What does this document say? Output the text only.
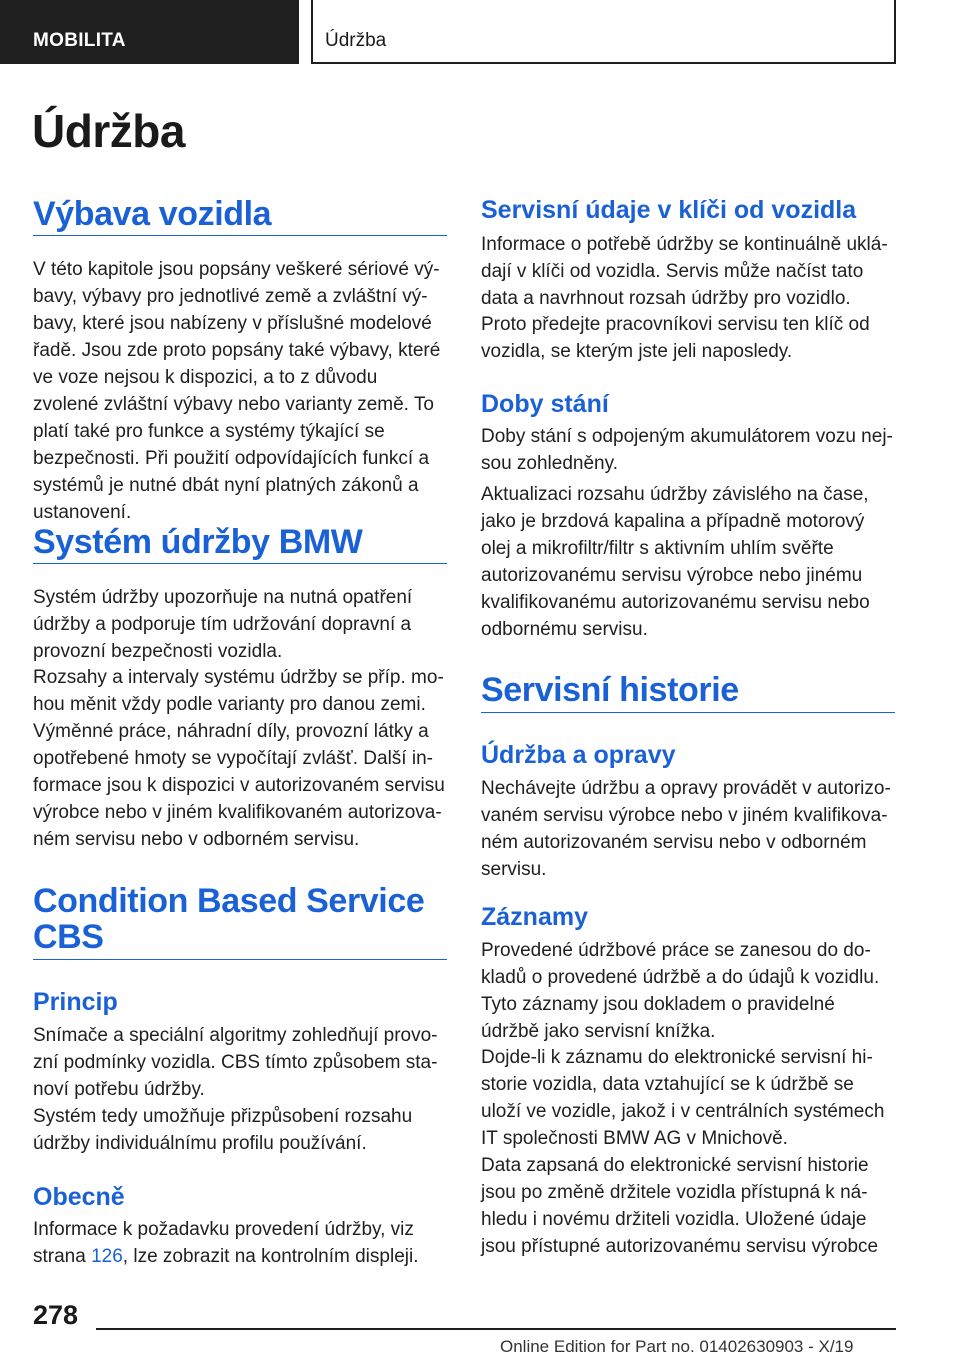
MOBILITA	Údržba
Údržba
Výbava vozidla

V této kapitole jsou popsány veškeré sériové výbavy, výbavy pro jednotlivé země a zvláštní výbavy, které jsou nabízeny v příslušné modelové řadě. Jsou zde proto popsány také výbavy, které ve voze nejsou k dispozici, a to z důvodu zvolené zvláštní výbavy nebo varianty země. To platí také pro funkce a systémy týkající se bezpečnosti. Při použití odpovídajících funkcí a systémů je nutné dbát nyní platných zákonů a ustanovení.

Systém údržby BMW

Systém údržby upozorňuje na nutná opatření údržby a podporuje tím udržování dopravní a provozní bezpečnosti vozidla.

Rozsahy a intervaly systému údržby se příp. mohou měnit vždy podle varianty pro danou zemi. Výměnné práce, náhradní díly, provozní látky a opotřebené hmoty se vypočítají zvlášť. Další informace jsou k dispozici v autorizovaném servisu výrobce nebo v jiném kvalifikovaném autorizovaném servisu nebo v odborném servisu.

Condition Based Service
CBS
Princip

Snímače a speciální algoritmy zohledňují provozní podmínky vozidla. CBS tímto způsobem stanoví potřebu údržby.

Systém tedy umožňuje přizpůsobení rozsahu údržby individuálnímu profilu používání.

Obecně

Informace k požadavku provedení údržby, viz strana 126, lze zobrazit na kontrolním displeji.

Servisní údaje v klíči od vozidla

Informace o potřebě údržby se kontinuálně ukládají v klíči od vozidla. Servis může načíst tato data a navrhnout rozsah údržby pro vozidlo.

Proto předejte pracovníkovi servisu ten klíč od vozidla, se kterým jste jeli naposledy.

Doby stání

Doby stání s odpojeným akumulátorem vozu nejsou zohledněny.

Aktualizaci rozsahu údržby závislého na čase, jako je brzdová kapalina a případně motorový olej a mikrofiltr/filtr s aktivním uhlím svěřte autorizovanému servisu výrobce nebo jinému kvalifikovanému autorizovanému servisu nebo odbornému servisu.

Servisní historie
Údržba a opravy

Nechávejte údržbu a opravy provádět v autorizovaném servisu výrobce nebo v jiném kvalifikovaném autorizovaném servisu nebo v odborném servisu.

Záznamy

Provedené údržbové práce se zanesou do dokladů o provedené údržbě a do údajů k vozidlu. Tyto záznamy jsou dokladem o pravidelné údržbě jako servisní knížka.

Dojde-li k záznamu do elektronické servisní historie vozidla, data vztahující se k údržbě se uloží ve vozidle, jakož i v centrálních systémech IT společnosti BMW AG v Mnichově.

Data zapsaná do elektronické servisní historie jsou po změně držitele vozidla přístupná k náhledu i novému držiteli vozidla. Uložené údaje jsou přístupné autorizovanému servisu výrobce

278
Online Edition for Part no. 01402630903 - X/19
